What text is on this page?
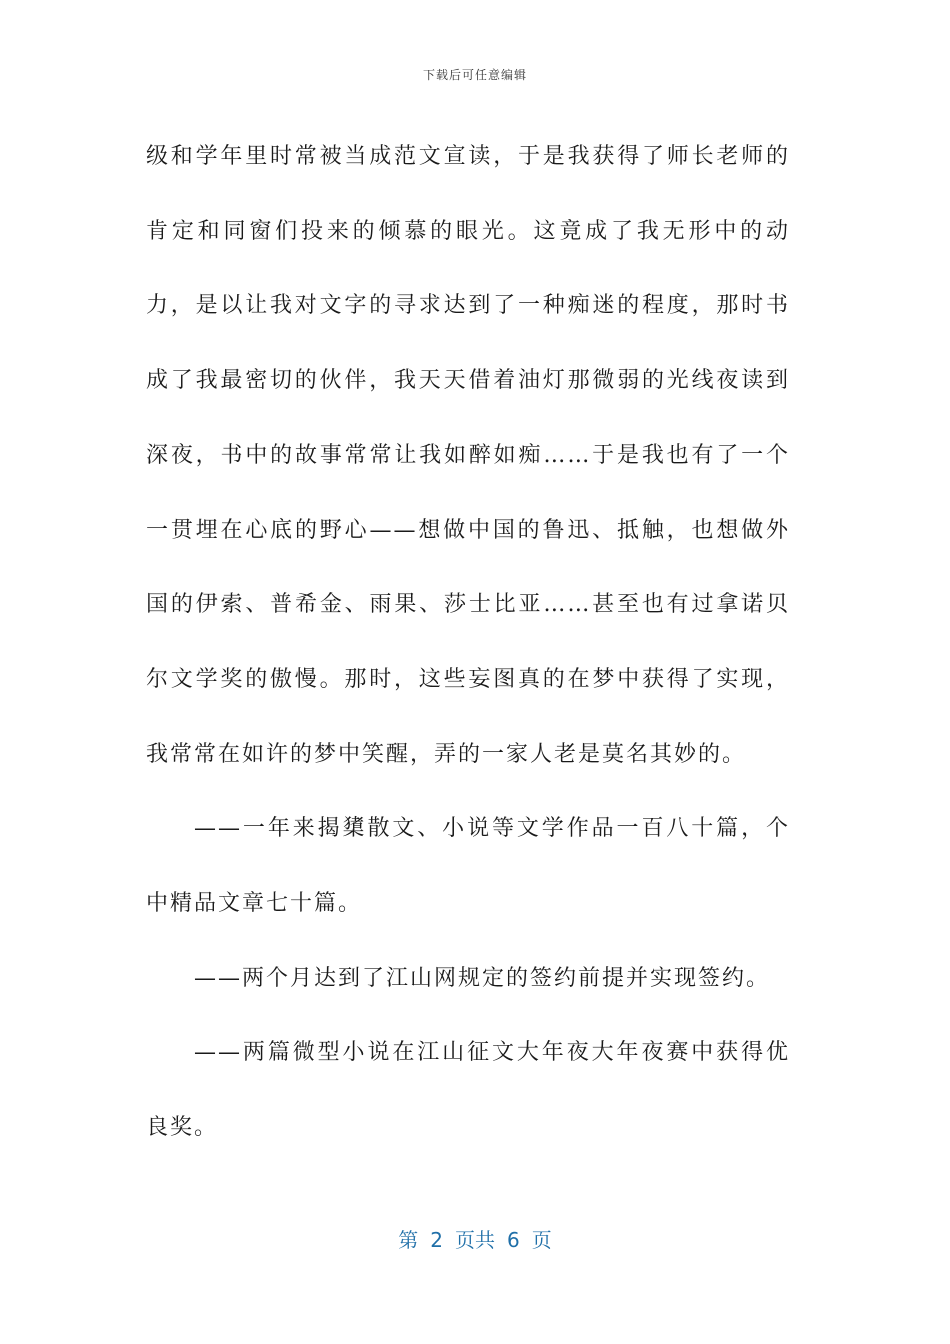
下载后可任意编辑

级和学年里时常被当成范文宣读，于是我获得了师长老师的肯定和同窗们投来的倾慕的眼光。这竟成了我无形中的动力，是以让我对文字的寻求达到了一种痴迷的程度，那时书成了我最密切的伙伴，我天天借着油灯那微弱的光线夜读到深夜，书中的故事常常让我如醉如痴……于是我也有了一个一贯埋在心底的野心——想做中国的鲁迅、抵触，也想做外国的伊索、普希金、雨果、莎士比亚……甚至也有过拿诺贝尔文学奖的傲慢。那时，这些妄图真的在梦中获得了实现，我常常在如许的梦中笑醒，弄的一家人老是莫名其妙的。

——一年来揭橥散文、小说等文学作品一百八十篇，个中精品文章七十篇。

——两个月达到了江山网规定的签约前提并实现签约。

——两篇微型小说在江山征文大年夜大年夜赛中获得优良奖。

第 2 页共 6 页
